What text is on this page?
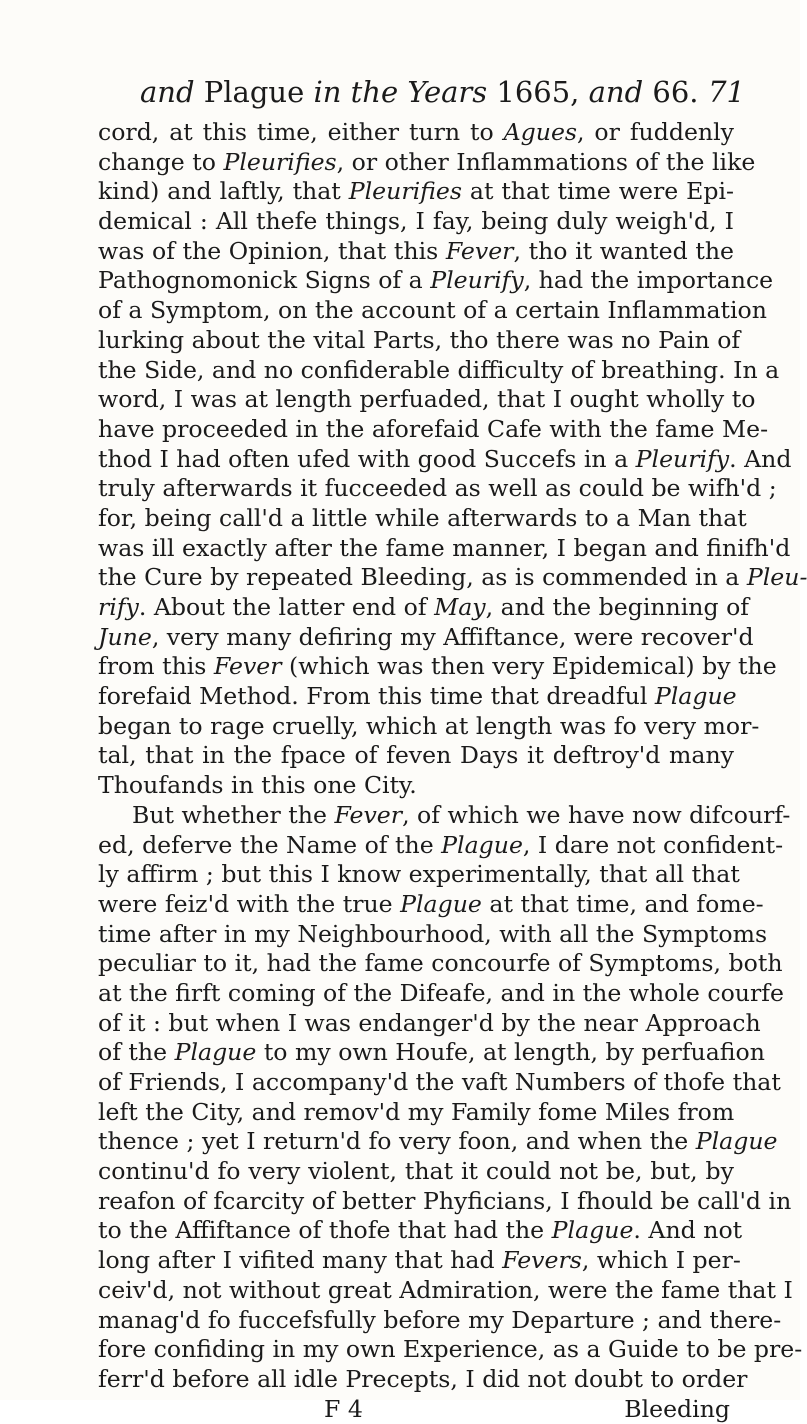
and Plague in the Years 1665, and 66. 71
cord, at this time, either turn to Agues, or fuddenly
change to Pleurifies, or other Inflammations of the like
kind) and laftly, that Pleurifies at that time were Epi-
demical : All thefe things, I fay, being duly weigh'd, I
was of the Opinion, that this Fever, tho it wanted the
Pathognomonick Signs of a Pleurify, had the importance
of a Symptom, on the account of a certain Inflammation
lurking about the vital Parts, tho there was no Pain of
the Side, and no confiderable difficulty of breathing. In a
word, I was at length perfuaded, that I ought wholly to
have proceeded in the aforefaid Cafe with the fame Me-
thod I had often ufed with good Succefs in a Pleurify. And
truly afterwards it fucceeded as well as could be wifh'd ;
for, being call'd a little while afterwards to a Man that
was ill exactly after the fame manner, I began and finifh'd
the Cure by repeated Bleeding, as is commended in a Pleu-
rify. About the latter end of May, and the beginning of
June, very many defiring my Affiftance, were recover'd
from this Fever (which was then very Epidemical) by the
forefaid Method. From this time that dreadful Plague
began to rage cruelly, which at length was fo very mor-
tal, that in the fpace of feven Days it deftroy'd many
Thoufands in this one City.
But whether the Fever, of which we have now difcourf-
ed, deferve the Name of the Plague, I dare not confident-
ly affirm ; but this I know experimentally, that all that
were feiz'd with the true Plague at that time, and fome-
time after in my Neighbourhood, with all the Symptoms
peculiar to it, had the fame concourfe of Symptoms, both
at the firft coming of the Difeafe, and in the whole courfe
of it : but when I was endanger'd by the near Approach
of the Plague to my own Houfe, at length, by perfuafion
of Friends, I accompany'd the vaft Numbers of thofe that
left the City, and remov'd my Family fome Miles from
thence ; yet I return'd fo very foon, and when the Plague
continu'd fo very violent, that it could not be, but, by
reafon of fcarcity of better Phyficians, I fhould be call'd in
to the Affiftance of thofe that had the Plague. And not
long after I vifited many that had Fevers, which I per-
ceiv'd, not without great Admiration, were the fame that I
manag'd fo fuccefsfully before my Departure ; and there-
fore confiding in my own Experience, as a Guide to be pre-
ferr'd before all idle Precepts, I did not doubt to order
F 4	Bleeding
